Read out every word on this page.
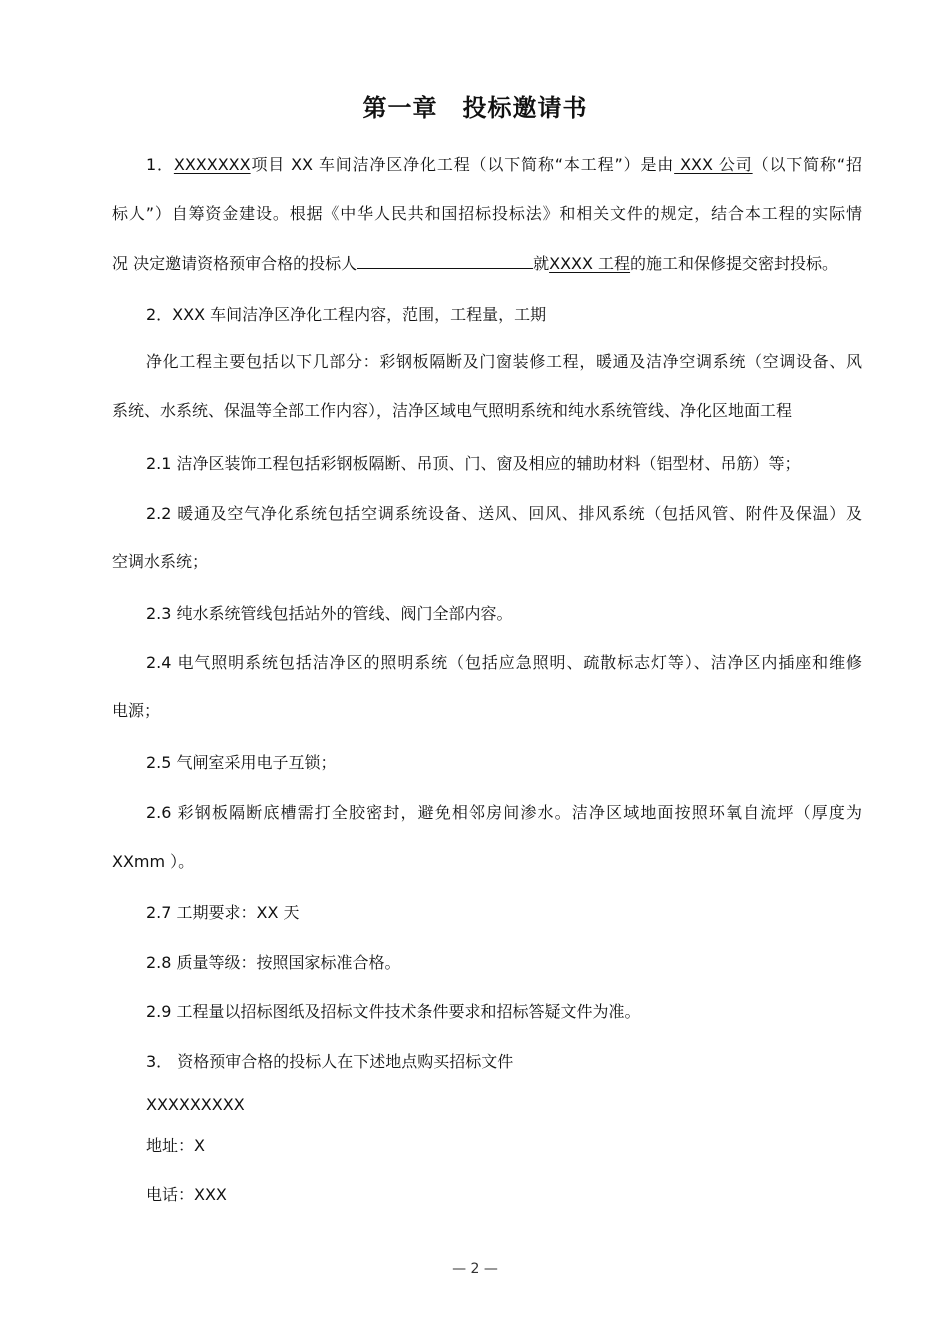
第一章　投标邀请书
1．XXXXXXX项目 XX 车间洁净区净化工程（以下简称“本工程”）是由 XXX 公司（以下简称“招
标人”）自筹资金建设。根据《中华人民共和国招标投标法》和相关文件的规定，结合本工程的实际情
况 决定邀请资格预审合格的投标人	就XXXX 工程的施工和保修提交密封投标。
2．XXX 车间洁净区净化工程内容，范围，工程量，工期
净化工程主要包括以下几部分：彩钢板隔断及门窗装修工程，暖通及洁净空调系统（空调设备、风
系统、水系统、保温等全部工作内容），洁净区域电气照明系统和纯水系统管线、净化区地面工程
2.1 洁净区装饰工程包括彩钢板隔断、吊顶、门、窗及相应的辅助材料（铝型材、吊筋）等；
2.2 暖通及空气净化系统包括空调系统设备、送风、回风、排风系统（包括风管、附件及保温）及
空调水系统；
2.3 纯水系统管线包括站外的管线、阀门全部内容。
2.4 电气照明系统包括洁净区的照明系统（包括应急照明、疏散标志灯等）、洁净区内插座和维修
电源；
2.5 气闸室采用电子互锁；
2.6 彩钢板隔断底槽需打全胶密封，避免相邻房间渗水。洁净区域地面按照环氧自流坪（厚度为
XXmm ）。
2.7 工期要求：XX 天
2.8 质量等级：按照国家标准合格。
2.9 工程量以招标图纸及招标文件技术条件要求和招标答疑文件为准。
3． 资格预审合格的投标人在下述地点购买招标文件
XXXXXXXXX
地址：X
电话：XXX
— 2 —
